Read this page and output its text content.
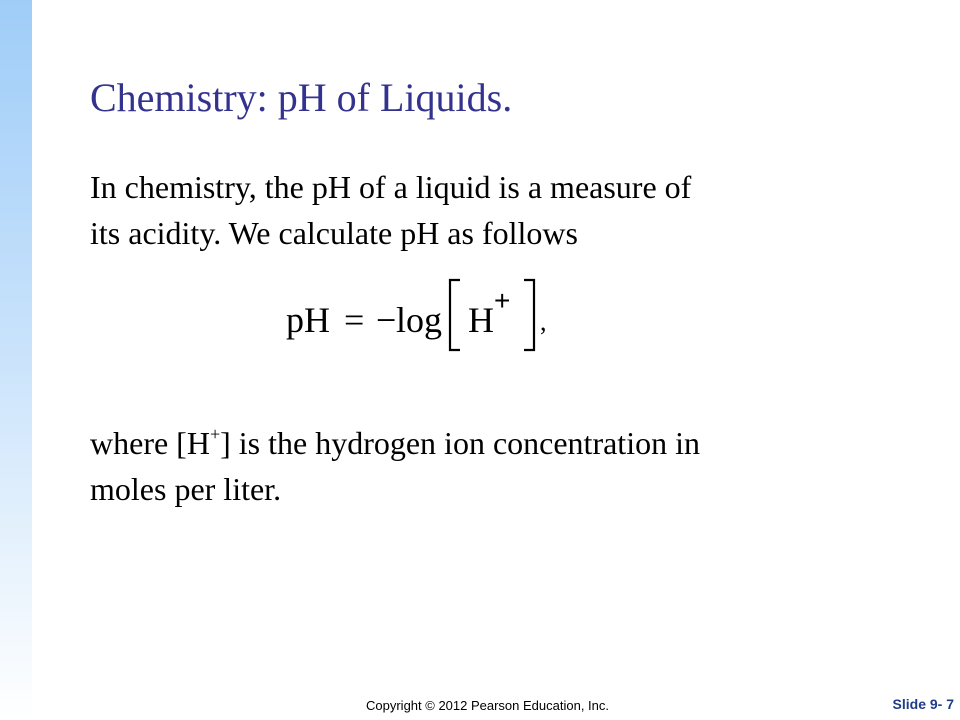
Chemistry: pH of Liquids.
In chemistry, the pH of a liquid is a measure of
its acidity. We calculate pH as follows
pH = − log H +
,
where [H+] is the hydrogen ion concentration in
moles per liter.
Copyright © 2012 Pearson Education, Inc.	Slide 9- 7
